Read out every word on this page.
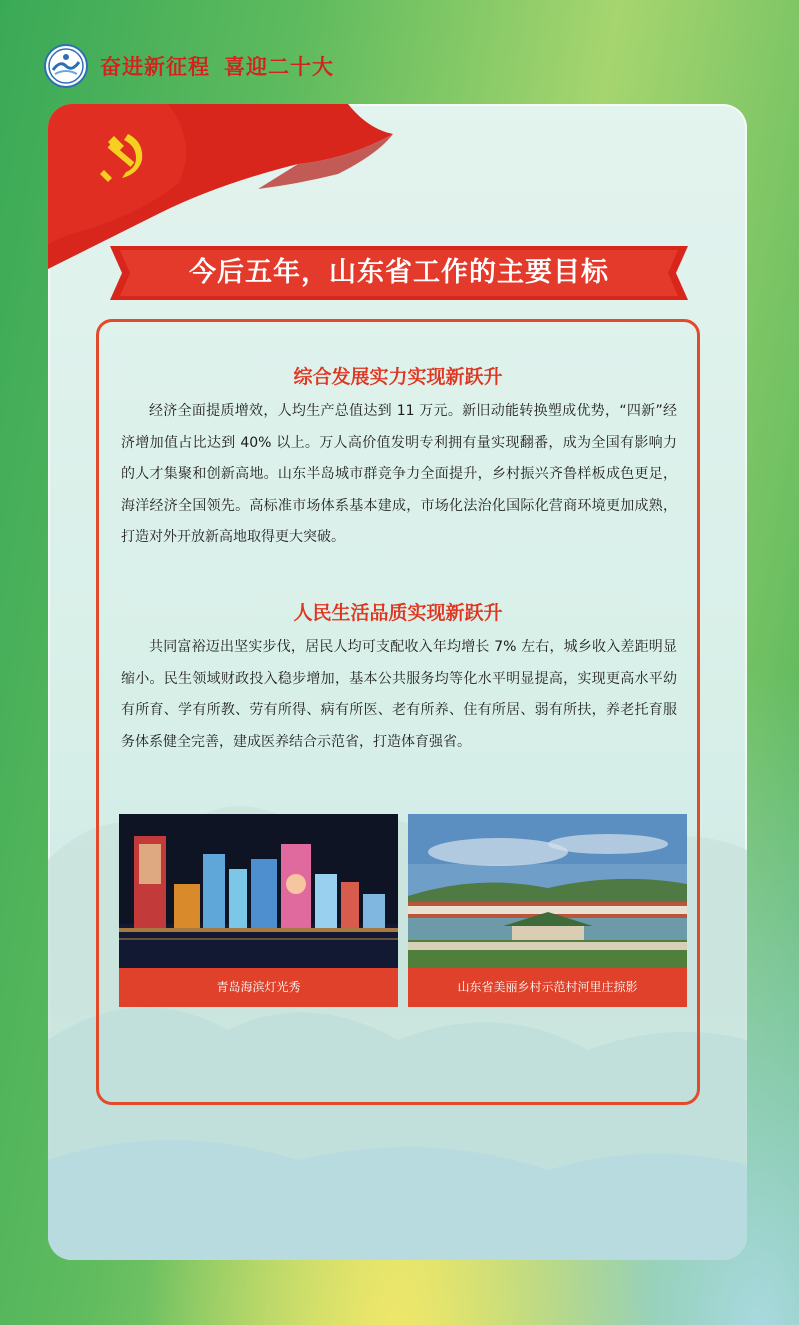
奋进新征程 喜迎二十大
今后五年，山东省工作的主要目标
综合发展实力实现新跃升
经济全面提质增效，人均生产总值达到 11 万元。新旧动能转换塑成优势，“四新”经济增加值占比达到 40% 以上。万人高价值发明专利拥有量实现翻番，成为全国有影响力的人才集聚和创新高地。山东半岛城市群竞争力全面提升，乡村振兴齐鲁样板成色更足，海洋经济全国领先。高标准市场体系基本建成，市场化法治化国际化营商环境更加成熟，打造对外开放新高地取得更大突破。
人民生活品质实现新跃升
共同富裕迈出坚实步伐，居民人均可支配收入年均增长 7% 左右，城乡收入差距明显缩小。民生领域财政投入稳步增加，基本公共服务均等化水平明显提高，实现更高水平幼有所育、学有所教、劳有所得、病有所医、老有所养、住有所居、弱有所扶，养老托育服务体系健全完善，建成医养结合示范省，打造体育强省。
青岛海滨灯光秀	山东省美丽乡村示范村河里庄掠影
